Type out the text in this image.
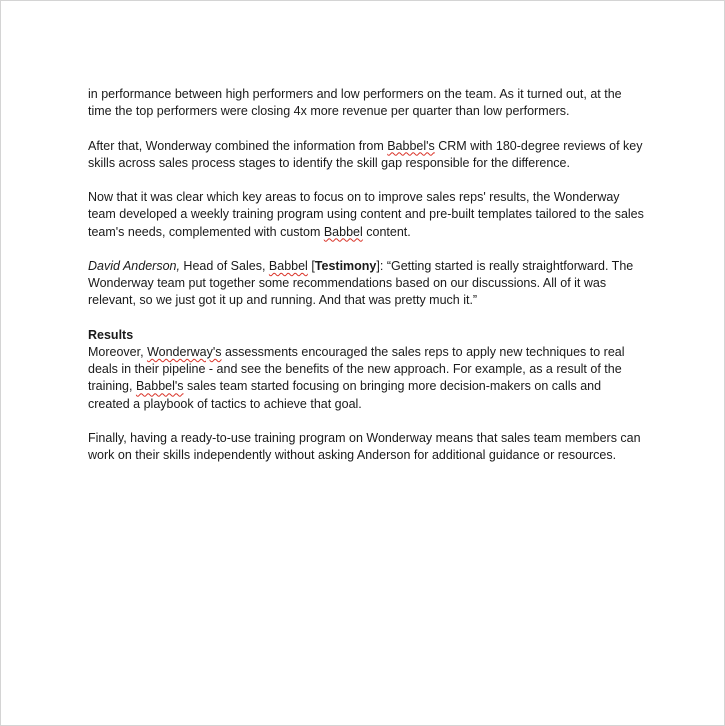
in performance between high performers and low performers on the team. As it turned out, at the time the top performers were closing 4x more revenue per quarter than low performers.

After that, Wonderway combined the information from Babbel's CRM with 180-degree reviews of key skills across sales process stages to identify the skill gap responsible for the difference.

Now that it was clear which key areas to focus on to improve sales reps' results, the Wonderway team developed a weekly training program using content and pre-built templates tailored to the sales team's needs, complemented with custom Babbel content.

David Anderson, Head of Sales, Babbel [Testimony]: “Getting started is really straightforward. The Wonderway team put together some recommendations based on our discussions. All of it was relevant, so we just got it up and running. And that was pretty much it.”

Results

Moreover, Wonderway's assessments encouraged the sales reps to apply new techniques to real deals in their pipeline - and see the benefits of the new approach. For example, as a result of the training, Babbel's sales team started focusing on bringing more decision-makers on calls and created a playbook of tactics to achieve that goal.

Finally, having a ready-to-use training program on Wonderway means that sales team members can work on their skills independently without asking Anderson for additional guidance or resources.
